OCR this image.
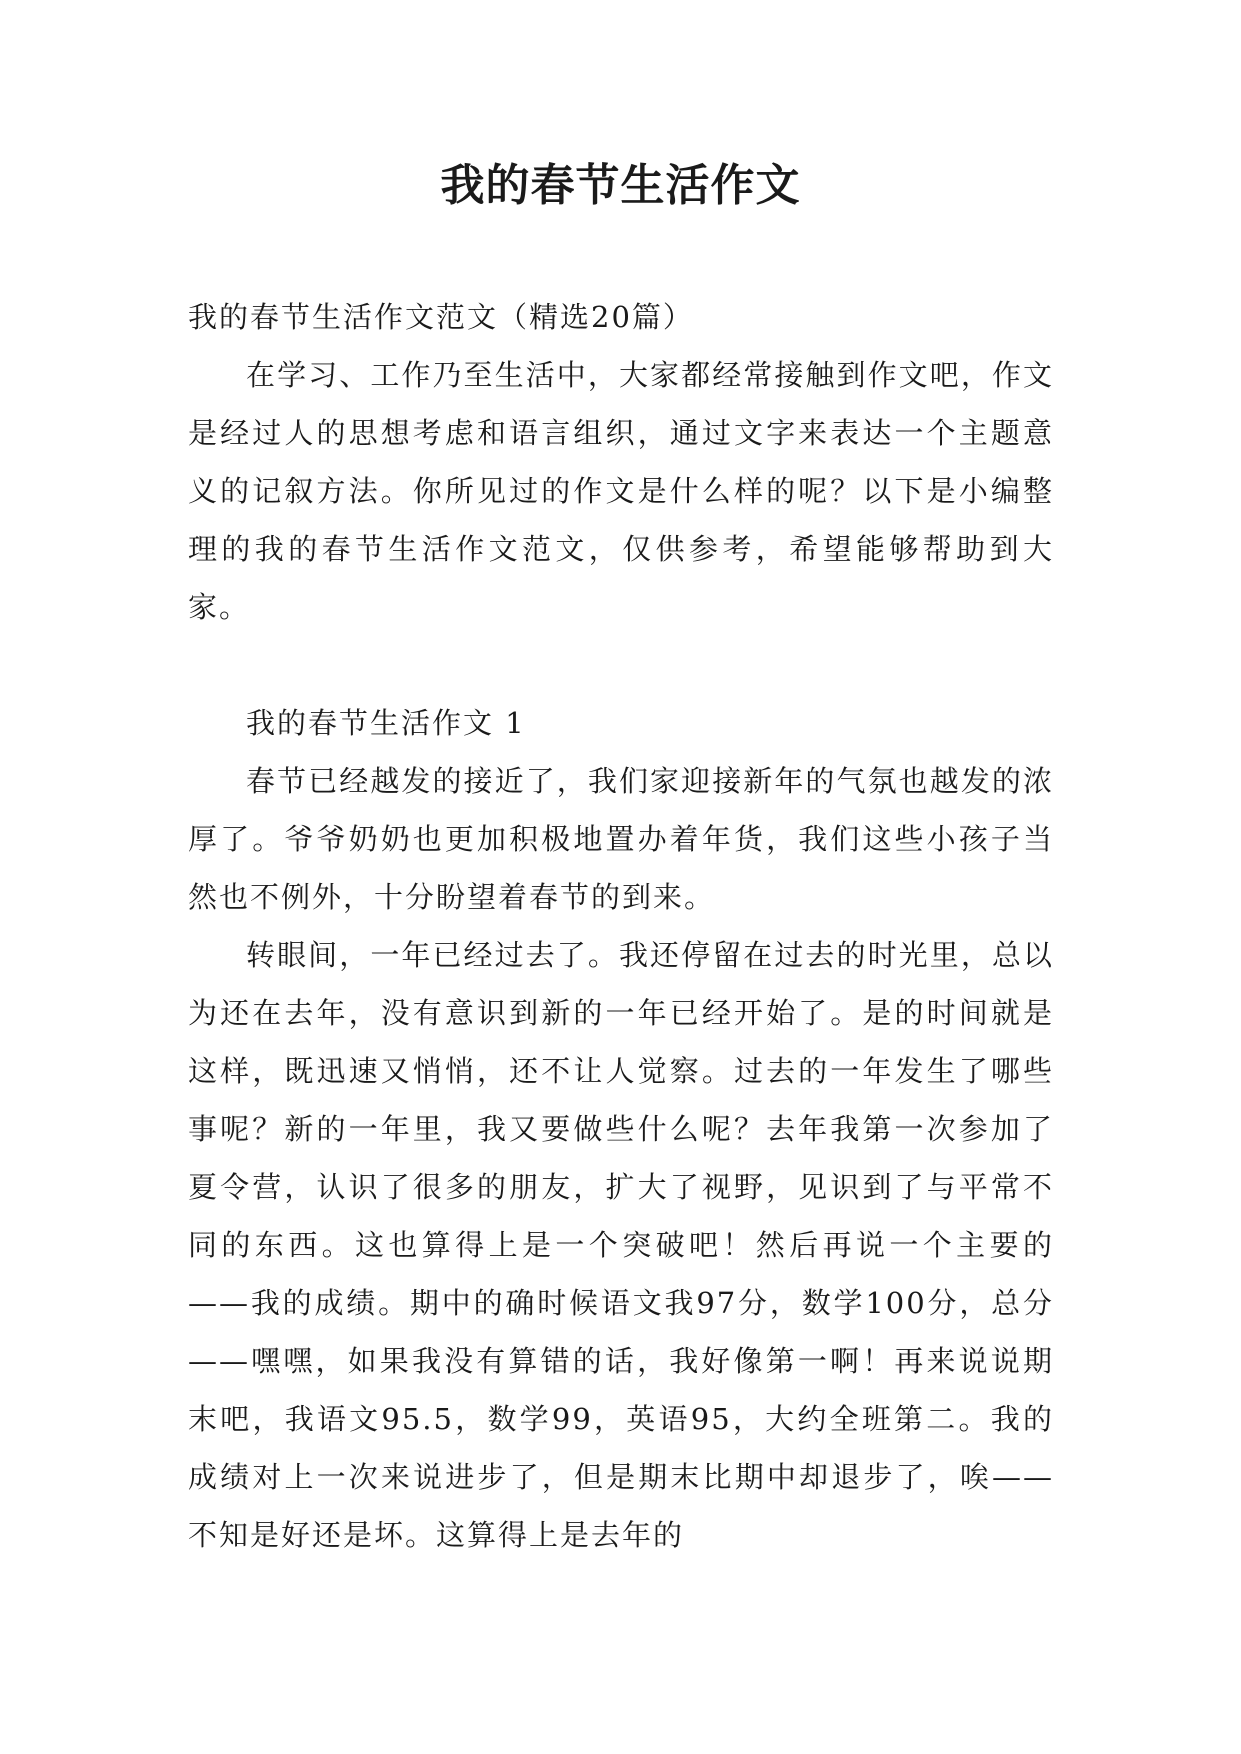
我的春节生活作文

我的春节生活作文范文（精选20篇）

在学习、工作乃至生活中，大家都经常接触到作文吧，作文是经过人的思想考虑和语言组织，通过文字来表达一个主题意义的记叙方法。你所见过的作文是什么样的呢？以下是小编整理的我的春节生活作文范文，仅供参考，希望能够帮助到大家。

我的春节生活作文 1

春节已经越发的接近了，我们家迎接新年的气氛也越发的浓厚了。爷爷奶奶也更加积极地置办着年货，我们这些小孩子当然也不例外，十分盼望着春节的到来。

转眼间，一年已经过去了。我还停留在过去的时光里，总以为还在去年，没有意识到新的一年已经开始了。是的时间就是这样，既迅速又悄悄，还不让人觉察。过去的一年发生了哪些事呢？新的一年里，我又要做些什么呢？去年我第一次参加了夏令营，认识了很多的朋友，扩大了视野，见识到了与平常不同的东西。这也算得上是一个突破吧！然后再说一个主要的——我的成绩。期中的确时候语文我97分，数学100分，总分——嘿嘿，如果我没有算错的话，我好像第一啊！再来说说期末吧，我语文95.5，数学99，英语95，大约全班第二。我的成绩对上一次来说进步了，但是期末比期中却退步了，唉——不知是好还是坏。这算得上是去年的
